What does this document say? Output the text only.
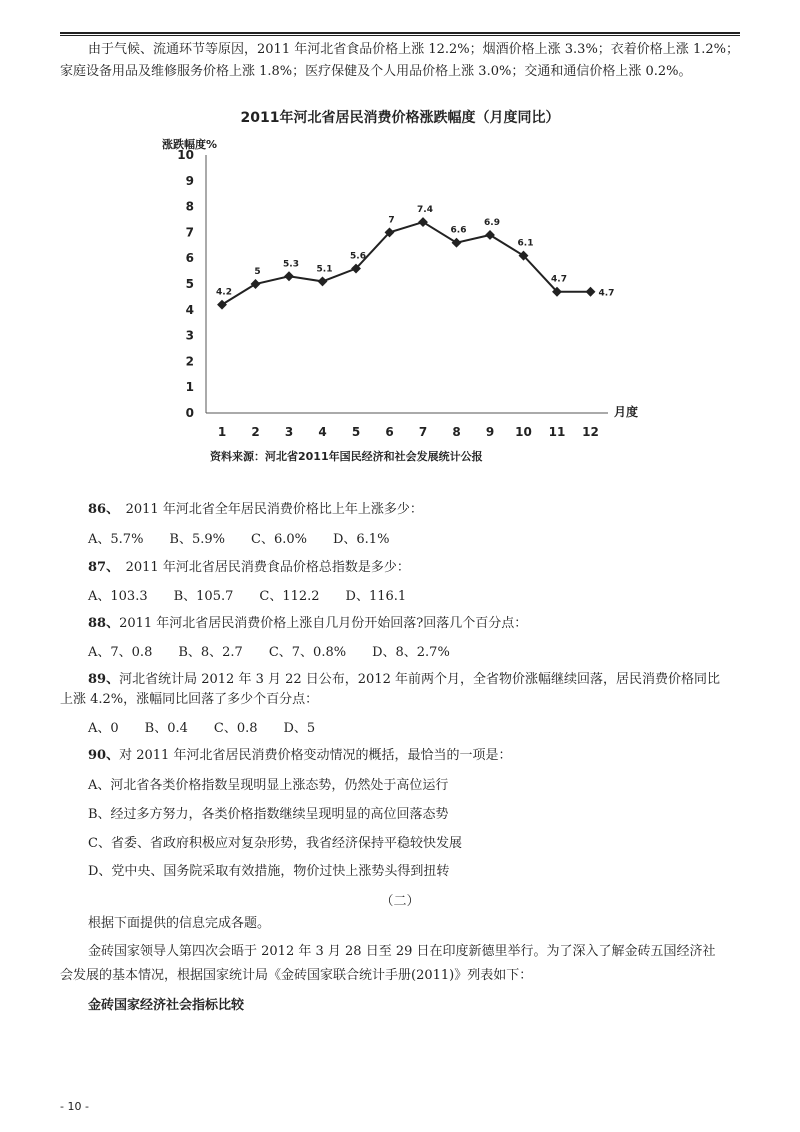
由于气候、流通环节等原因，2011 年河北省食品价格上涨 12.2%；烟酒价格上涨 3.3%；衣着价格上涨 1.2%；
家庭设备用品及维修服务价格上涨 1.8%；医疗保健及个人用品价格上涨 3.0%；交通和通信价格上涨 0.2%。
2011年河北省居民消费价格涨跌幅度（月度同比）
涨跌幅度%
0
1
2
3
4
5
6
7
8
9
10
1 2 3 4 5 6 7 8 9 10 11 12
月度
4.2
5
5.3
5.1
5.6
7
7.4
6.6
6.9
6.1
4.7
4.7
资料来源：河北省2011年国民经济和社会发展统计公报
86、　 2011 年河北省全年居民消费价格比上年上涨多少：
A、5.7%　　B、5.9%　　C、6.0%　　D、6.1%
87、　 2011 年河北省居民消费食品价格总指数是多少：
A、103.3　　B、105.7　　C、112.2　　D、116.1
88、2011 年河北省居民消费价格上涨自几月份开始回落?回落几个百分点：
A、7、0.8　　B、8、2.7　　C、7、0.8%　　D、8、2.7%
89、河北省统计局 2012 年 3 月 22 日公布，2012 年前两个月，全省物价涨幅继续回落，居民消费价格同比
上涨 4.2%，涨幅同比回落了多少个百分点：
A、0　　B、0.4　　C、0.8　　D、5
90、对 2011 年河北省居民消费价格变动情况的概括，最恰当的一项是：
A、河北省各类价格指数呈现明显上涨态势，仍然处于高位运行
B、经过多方努力，各类价格指数继续呈现明显的高位回落态势
C、省委、省政府积极应对复杂形势，我省经济保持平稳较快发展
D、党中央、国务院采取有效措施，物价过快上涨势头得到扭转
（二）
根据下面提供的信息完成各题。
金砖国家领导人第四次会晤于 2012 年 3 月 28 日至 29 日在印度新德里举行。为了深入了解金砖五国经济社
会发展的基本情况，根据国家统计局《金砖国家联合统计手册(2011)》列表如下：
金砖国家经济社会指标比较
- 10 -
